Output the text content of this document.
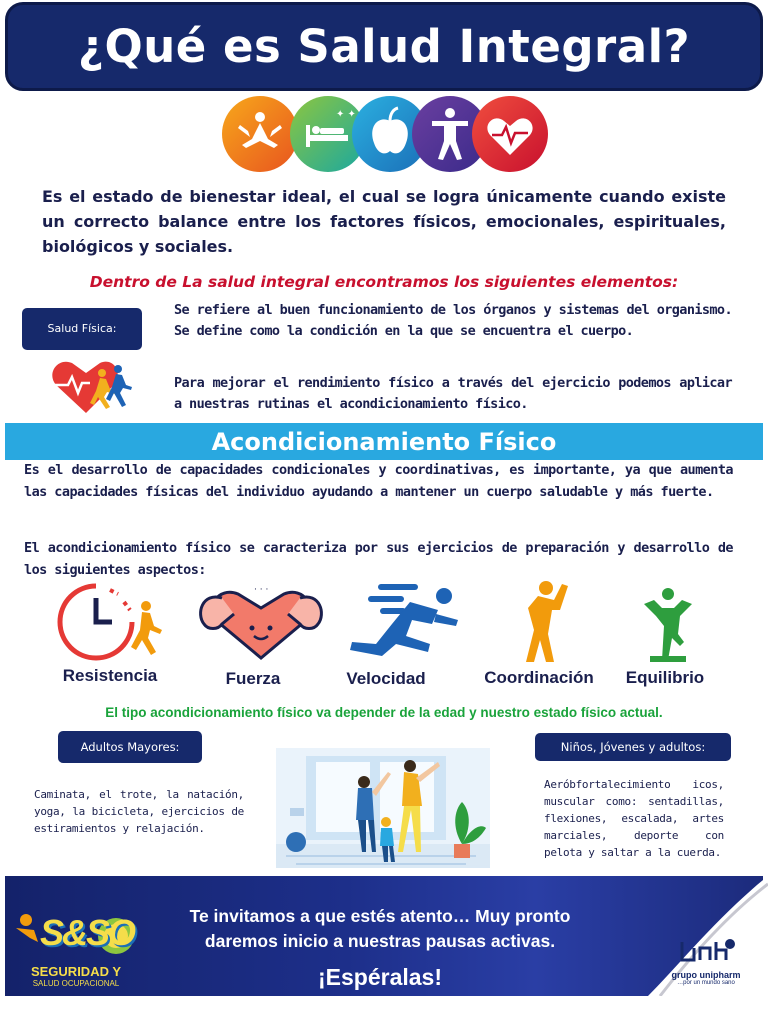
¿Qué es Salud Integral?
✦ ✦

Es el estado de bienestar ideal, el cual se logra únicamente cuando existe un correcto balance entre los factores físicos, emocionales, espirituales, biológicos y sociales.

Dentro de La salud integral encontramos los siguientes elementos:

Salud Física:

Se refiere al buen funcionamiento de los órganos y sistemas del organismo. Se define como la condición en la que se encuentra el cuerpo.

Para mejorar el rendimiento físico a través del ejercicio podemos aplicar a nuestras rutinas el acondicionamiento físico.

Acondicionamiento Físico

Es el desarrollo de capacidades condicionales y coordinativas, es importante, ya que aumenta las capacidades físicas del individuo ayudando a mantener un cuerpo saludable y más fuerte.

El acondicionamiento físico se caracteriza por sus ejercicios de preparación y desarrollo de los siguientes aspectos:

· · ·
Resistencia	Fuerza	Velocidad	Coordinación	Equilibrio

El tipo acondicionamiento físico va depender de la edad y nuestro estado físico actual.

Adultos Mayores:

Caminata, el trote, la natación, yoga, la bicicleta, ejercicios de estiramientos y relajación.

Niños, Jóvenes y adultos:

Aeróbfortalecimiento icos, muscular como: sentadillas, flexiones, escalada, artes marciales, deporte con pelota y saltar a la cuerda.

Te invitamos a que estés atento… Muy pronto
daremos inicio a nuestras pausas activas.
¡Espéralas!
S&SO
SEGURIDAD Y
SALUD OCUPACIONAL
grupo unipharm
…por un mundo sano
